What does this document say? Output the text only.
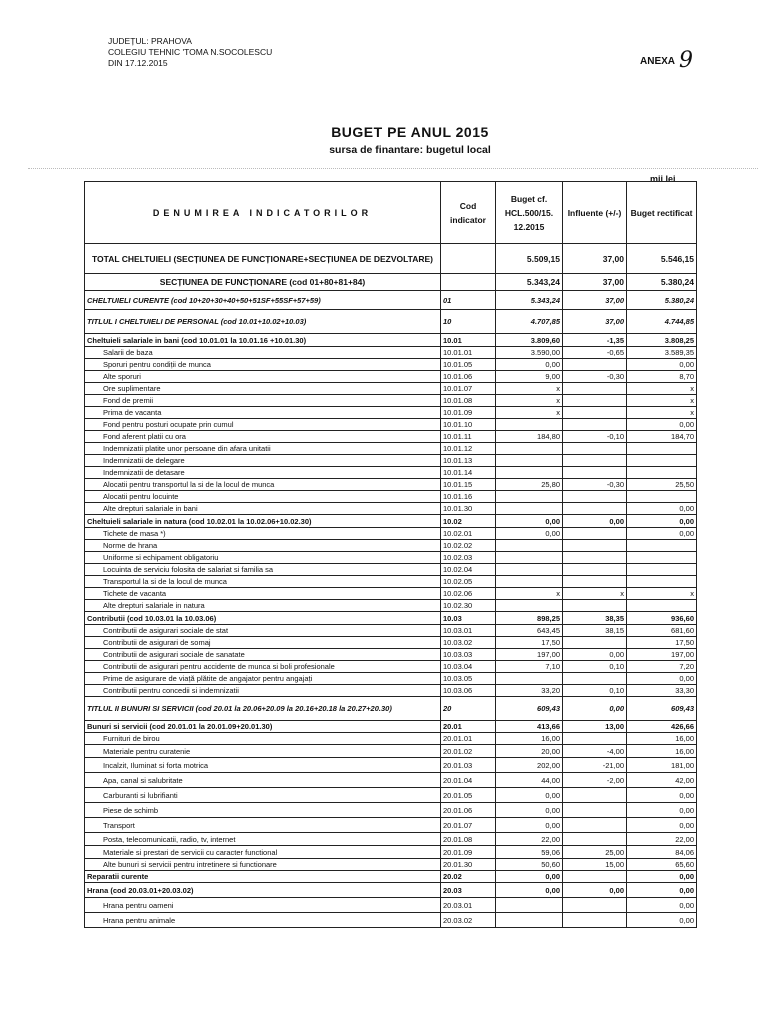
JUDEȚUL: PRAHOVA
COLEGIU TEHNIC 'TOMA N.SOCOLESCU
DIN 17.12.2015	ANEXA 9
BUGET PE ANUL 2015
sursa de finantare: bugetul local
mii lei
DENUMIREA INDICATORILOR	Cod indicator	Buget cf.
HCL.500/15.
12.2015	Influente (+/-)	Buget rectificat
TOTAL CHELTUIELI (SECȚIUNEA DE FUNCȚIONARE+SECȚIUNEA DE DEZVOLTARE)		5.509,15	37,00	5.546,15
SECȚIUNEA DE FUNCȚIONARE (cod 01+80+81+84)		5.343,24	37,00	5.380,24
CHELTUIELI CURENTE (cod 10+20+30+40+50+51SF+55SF+57+59)	01	5.343,24	37,00	5.380,24
TITLUL I CHELTUIELI DE PERSONAL (cod 10.01+10.02+10.03)	10	4.707,85	37,00	4.744,85
Cheltuieli salariale in bani (cod 10.01.01 la 10.01.16 +10.01.30)	10.01	3.809,60	-1,35	3.808,25
Salarii de baza	10.01.01	3.590,00	-0,65	3.589,35
Sporuri pentru condiții de munca	10.01.05	0,00		0,00
Alte sporuri	10.01.06	9,00	-0,30	8,70
Ore suplimentare	10.01.07	x		x
Fond de premii	10.01.08	x		x
Prima de vacanta	10.01.09	x		x
Fond pentru posturi ocupate prin cumul	10.01.10			0,00
Fond aferent platii cu ora	10.01.11	184,80	-0,10	184,70
Indemnizatii platite unor persoane din afara unitatii	10.01.12			
Indemnizatii de delegare	10.01.13			
Indemnizatii de detasare	10.01.14			
Alocatii pentru transportul la si de la locul de munca	10.01.15	25,80	-0,30	25,50
Alocatii pentru locuinte	10.01.16			
Alte drepturi salariale in bani	10.01.30			0,00
Cheltuieli salariale in natura (cod 10.02.01 la 10.02.06+10.02.30)	10.02	0,00	0,00	0,00
Tichete de masa *)	10.02.01	0,00		0,00
Norme de hrana	10.02.02			
Uniforme si echipament obligatoriu	10.02.03			
Locuinta de serviciu folosita de salariat si familia sa	10.02.04			
Transportul la si de la locul de munca	10.02.05			
Tichete de vacanta	10.02.06	x	x	x
Alte drepturi salariale in natura	10.02.30			
Contributii (cod 10.03.01 la 10.03.06)	10.03	898,25	38,35	936,60
Contributii de asigurari sociale de stat	10.03.01	643,45	38,15	681,60
Contributii de asigurari de somaj	10.03.02	17,50		17,50
Contributii de asigurari sociale de sanatate	10.03.03	197,00	0,00	197,00
Contributii de asigurari pentru accidente de munca si boli profesionale	10.03.04	7,10	0,10	7,20
Prime de asigurare de viață plătite de angajator pentru angajați	10.03.05			0,00
Contributii pentru concedii si indemnizatii	10.03.06	33,20	0,10	33,30
TITLUL II BUNURI SI SERVICII (cod 20.01 la 20.06+20.09 la 20.16+20.18 la 20.27+20.30)	20	609,43	0,00	609,43
Bunuri si servicii (cod 20.01.01 la 20.01.09+20.01.30)	20.01	413,66	13,00	426,66
Furnituri de birou	20.01.01	16,00		16,00
Materiale pentru curatenie	20.01.02	20,00	-4,00	16,00
Incalzit, Iluminat si forta motrica	20.01.03	202,00	-21,00	181,00
Apa, canal si salubritate	20.01.04	44,00	-2,00	42,00
Carburanti si lubrifianti	20.01.05	0,00		0,00
Piese de schimb	20.01.06	0,00		0,00
Transport	20.01.07	0,00		0,00
Posta, telecomunicatii, radio, tv, internet	20.01.08	22,00		22,00
Materiale si prestari de servicii cu caracter functional	20.01.09	59,06	25,00	84,06
Alte bunuri si servicii pentru intretinere si functionare	20.01.30	50,60	15,00	65,60
Reparatii curente	20.02	0,00		0,00
Hrana (cod 20.03.01+20.03.02)	20.03	0,00	0,00	0,00
Hrana pentru oameni	20.03.01			0,00
Hrana pentru animale	20.03.02			0,00
